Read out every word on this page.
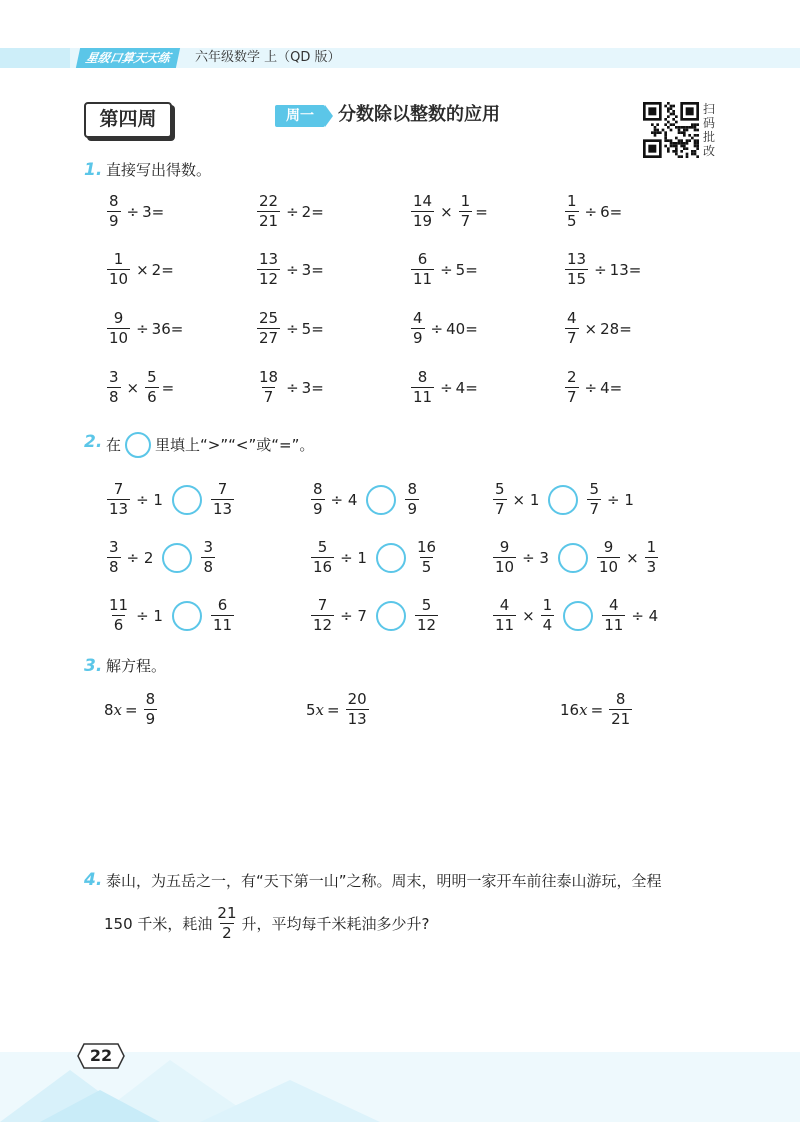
星级口算天天练	六年级数学 上（QD 版）
第四周	周一	分数除以整数的应用	扫码批改
1. 直接写出得数。
$\frac{8}{9} \div 3=$	$\frac{22}{21} \div 2=$	$\frac{14}{19} \times \frac{1}{7}$ =	$\frac{1}{5} \div 6=$
$\frac{1}{10} \times 2=$	$\frac{13}{12} \div 3=$	$\frac{6}{11} \div 5=$	$\frac{13}{15} \div 13=$
$\frac{9}{10} \div 36=$	$\frac{25}{27} \div 5=$	$\frac{4}{9} \div 40=$	$\frac{4}{7} \times 28=$
$\frac{3}{8} \times \frac{5}{6}$ =	$\frac{18}{7} \div 3=$	$\frac{8}{11} \div 4=$	$\frac{2}{7} \div 4=$
2. 在 里填上“>”“<”或“=”。
$\frac{7}{13} \div 1$	$\frac{7}{13}$	$\frac{8}{9} \div 4$	$\frac{8}{9}$	$\frac{5}{7} \times 1$	$\frac{5}{7} \div 1$
$\frac{3}{8} \div 2$	$\frac{3}{8}$	$\frac{5}{16} \div 1$	$\frac{16}{5}$	$\frac{9}{10} \div 3$	$\frac{9}{10} \times \frac{1}{3}$
$\frac{11}{6} \div 1$	$\frac{6}{11}$	$\frac{7}{12} \div 7$	$\frac{5}{12}$	$\frac{4}{11} \times \frac{1}{4}$	$\frac{4}{11} \div 4$
3. 解方程。
8 $x = \frac{8}{9}$	5 $x = \frac{20}{13}$	16 $x = \frac{8}{21}$
4. 泰山，为五岳之一，有“天下第一山”之称。周末，明明一家开车前往泰山游玩，全程
150 千米，耗油 $\frac{21}{2}$ 升，平均每千米耗油多少升?
22
